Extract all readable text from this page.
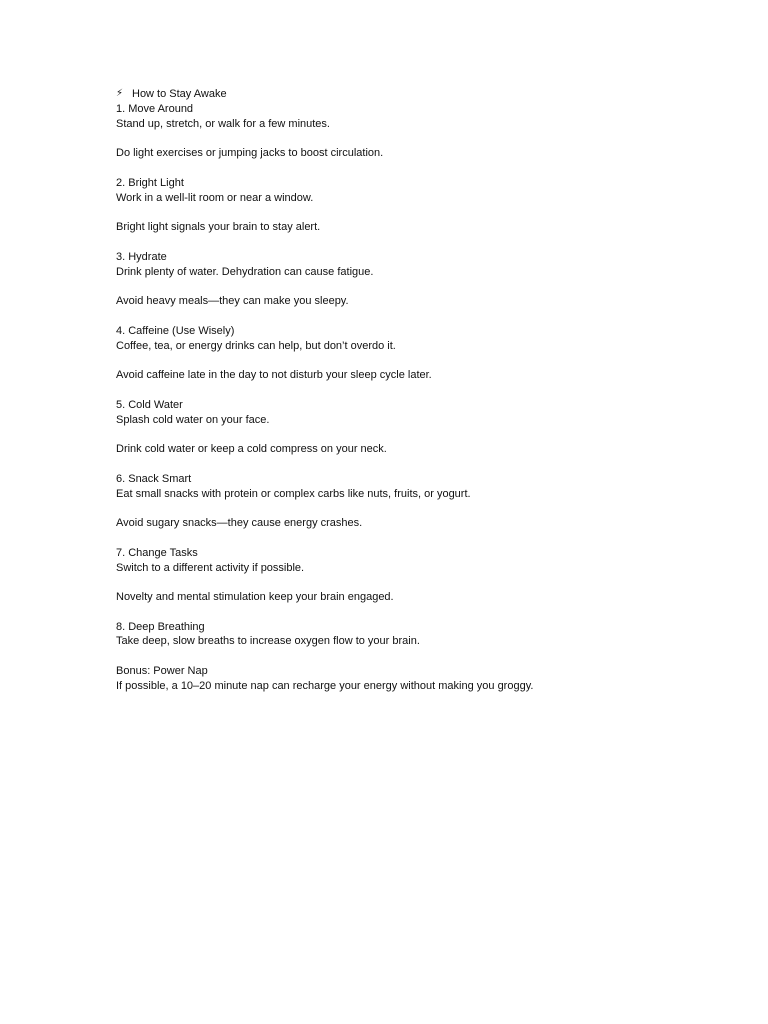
⚡ How to Stay Awake
1. Move Around
Stand up, stretch, or walk for a few minutes.
Do light exercises or jumping jacks to boost circulation.
2. Bright Light
Work in a well-lit room or near a window.
Bright light signals your brain to stay alert.
3. Hydrate
Drink plenty of water. Dehydration can cause fatigue.
Avoid heavy meals—they can make you sleepy.
4. Caffeine (Use Wisely)
Coffee, tea, or energy drinks can help, but don’t overdo it.
Avoid caffeine late in the day to not disturb your sleep cycle later.
5. Cold Water
Splash cold water on your face.
Drink cold water or keep a cold compress on your neck.
6. Snack Smart
Eat small snacks with protein or complex carbs like nuts, fruits, or yogurt.
Avoid sugary snacks—they cause energy crashes.
7. Change Tasks
Switch to a different activity if possible.
Novelty and mental stimulation keep your brain engaged.
8. Deep Breathing
Take deep, slow breaths to increase oxygen flow to your brain.
Bonus: Power Nap
If possible, a 10–20 minute nap can recharge your energy without making you groggy.
